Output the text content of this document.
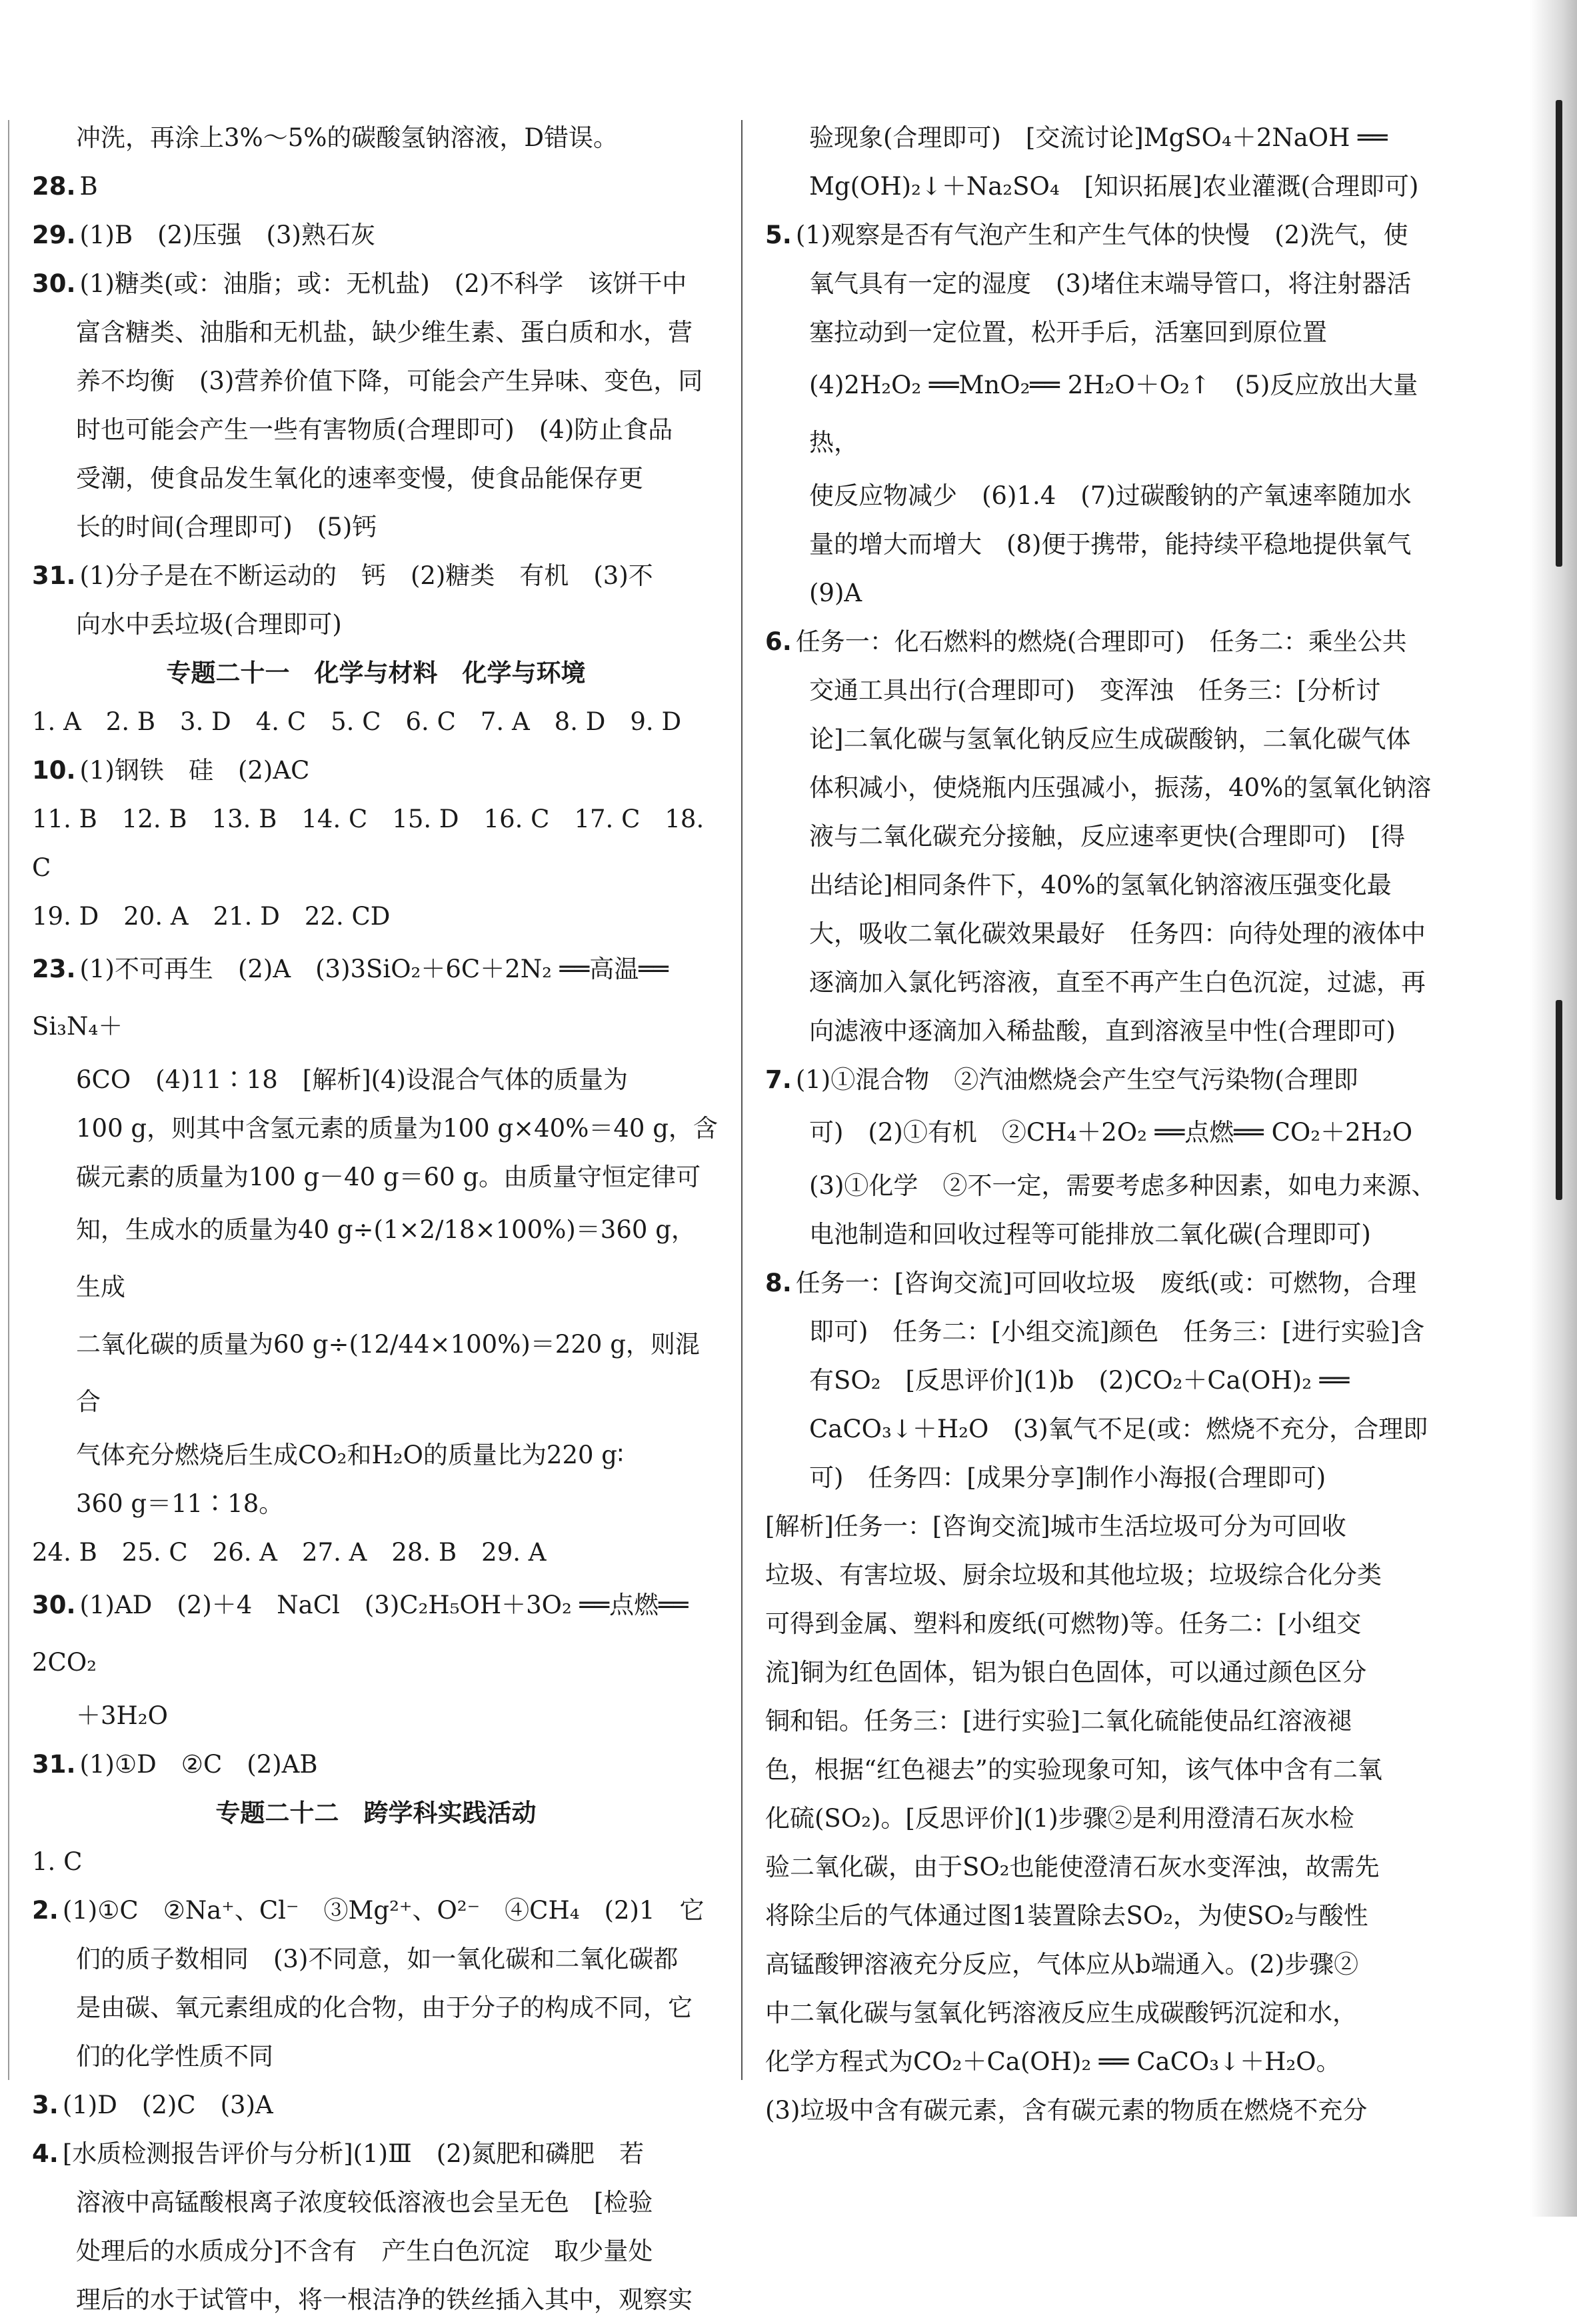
冲洗，再涂上3%～5%的碳酸氢钠溶液，D错误。

28. B

29. (1)B　(2)压强　(3)熟石灰

30. (1)糖类(或：油脂；或：无机盐)　(2)不科学　该饼干中

富含糖类、油脂和无机盐，缺少维生素、蛋白质和水，营

养不均衡　(3)营养价值下降，可能会产生异味、变色，同

时也可能会产生一些有害物质(合理即可)　(4)防止食品

受潮，使食品发生氧化的速率变慢，使食品能保存更

长的时间(合理即可)　(5)钙

31. (1)分子是在不断运动的　钙　(2)糖类　有机　(3)不

向水中丢垃圾(合理即可)

专题二十一　化学与材料　化学与环境

1. A　2. B　3. D　4. C　5. C　6. C　7. A　8. D　9. D

10. (1)钢铁　硅　(2)AC

11. B　12. B　13. B　14. C　15. D　16. C　17. C　18. C

19. D　20. A　21. D　22. CD

23. (1)不可再生　(2)A　(3)3SiO₂＋6C＋2N₂ ══高温══ Si₃N₄＋

6CO　(4)11∶18　[解析](4)设混合气体的质量为

100 g，则其中含氢元素的质量为100 g×40%＝40 g，含

碳元素的质量为100 g－40 g＝60 g。由质量守恒定律可

知，生成水的质量为40 g÷(1×2/18×100%)＝360 g，生成

二氧化碳的质量为60 g÷(12/44×100%)＝220 g，则混合

气体充分燃烧后生成CO₂和H₂O的质量比为220 g∶

360 g＝11∶18。

24. B　25. C　26. A　27. A　28. B　29. A

30. (1)AD　(2)＋4　NaCl　(3)C₂H₅OH＋3O₂ ══点燃══ 2CO₂

＋3H₂O

31. (1)①D　②C　(2)AB

专题二十二　跨学科实践活动

1. C

2. (1)①C　②Na⁺、Cl⁻　③Mg²⁺、O²⁻　④CH₄　(2)1　它

们的质子数相同　(3)不同意，如一氧化碳和二氧化碳都

是由碳、氧元素组成的化合物，由于分子的构成不同，它

们的化学性质不同

3. (1)D　(2)C　(3)A

4. [水质检测报告评价与分析](1)Ⅲ　(2)氮肥和磷肥　若

溶液中高锰酸根离子浓度较低溶液也会呈无色　[检验

处理后的水质成分]不含有　产生白色沉淀　取少量处

理后的水于试管中，将一根洁净的铁丝插入其中，观察实

验现象(合理即可)　[交流讨论]MgSO₄＋2NaOH ══

Mg(OH)₂↓＋Na₂SO₄　[知识拓展]农业灌溉(合理即可)

5. (1)观察是否有气泡产生和产生气体的快慢　(2)洗气，使

氧气具有一定的湿度　(3)堵住末端导管口，将注射器活

塞拉动到一定位置，松开手后，活塞回到原位置

(4)2H₂O₂ ══MnO₂══ 2H₂O＋O₂↑　(5)反应放出大量热，

使反应物减少　(6)1.4　(7)过碳酸钠的产氧速率随加水

量的增大而增大　(8)便于携带，能持续平稳地提供氧气

(9)A

6. 任务一：化石燃料的燃烧(合理即可)　任务二：乘坐公共

交通工具出行(合理即可)　变浑浊　任务三：[分析讨

论]二氧化碳与氢氧化钠反应生成碳酸钠，二氧化碳气体

体积减小，使烧瓶内压强减小，振荡，40%的氢氧化钠溶

液与二氧化碳充分接触，反应速率更快(合理即可)　[得

出结论]相同条件下，40%的氢氧化钠溶液压强变化最

大，吸收二氧化碳效果最好　任务四：向待处理的液体中

逐滴加入氯化钙溶液，直至不再产生白色沉淀，过滤，再

向滤液中逐滴加入稀盐酸，直到溶液呈中性(合理即可)

7. (1)①混合物　②汽油燃烧会产生空气污染物(合理即

可)　(2)①有机　②CH₄＋2O₂ ══点燃══ CO₂＋2H₂O

(3)①化学　②不一定，需要考虑多种因素，如电力来源、

电池制造和回收过程等可能排放二氧化碳(合理即可)

8. 任务一：[咨询交流]可回收垃圾　废纸(或：可燃物，合理

即可)　任务二：[小组交流]颜色　任务三：[进行实验]含

有SO₂　[反思评价](1)b　(2)CO₂＋Ca(OH)₂ ══

CaCO₃↓＋H₂O　(3)氧气不足(或：燃烧不充分，合理即

可)　任务四：[成果分享]制作小海报(合理即可)

[解析]任务一：[咨询交流]城市生活垃圾可分为可回收

垃圾、有害垃圾、厨余垃圾和其他垃圾；垃圾综合化分类

可得到金属、塑料和废纸(可燃物)等。任务二：[小组交

流]铜为红色固体，铝为银白色固体，可以通过颜色区分

铜和铝。任务三：[进行实验]二氧化硫能使品红溶液褪

色，根据“红色褪去”的实验现象可知，该气体中含有二氧

化硫(SO₂)。[反思评价](1)步骤②是利用澄清石灰水检

验二氧化碳，由于SO₂也能使澄清石灰水变浑浊，故需先

将除尘后的气体通过图1装置除去SO₂，为使SO₂与酸性

高锰酸钾溶液充分反应，气体应从b端通入。(2)步骤②

中二氧化碳与氢氧化钙溶液反应生成碳酸钙沉淀和水，

化学方程式为CO₂＋Ca(OH)₂ ══ CaCO₃↓＋H₂O。

(3)垃圾中含有碳元素，含有碳元素的物质在燃烧不充分
